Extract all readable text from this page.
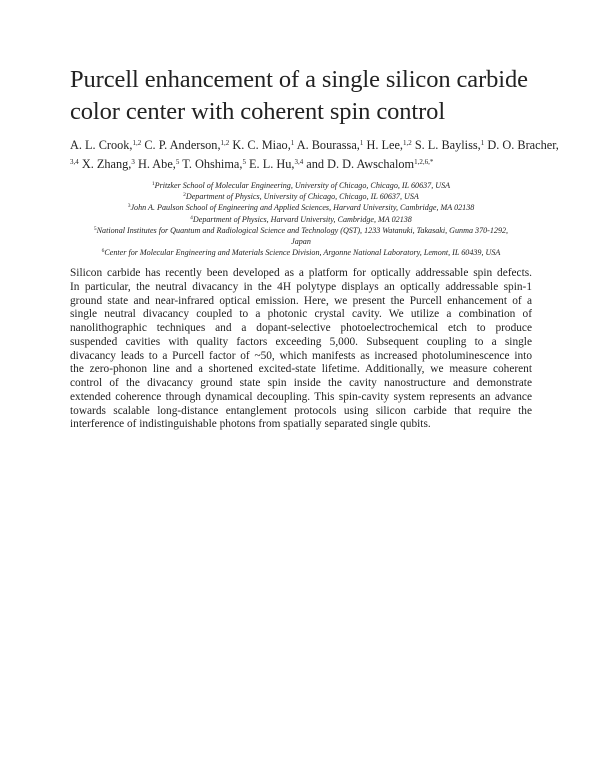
Purcell enhancement of a single silicon carbide
color center with coherent spin control
A. L. Crook,$^{1,2}$ C. P. Anderson,$^{1,2}$ K. C. Miao,$^1$ A. Bourassa,$^1$ H. Lee,$^{1,2}$ S. L. Bayliss,$^1$ D. O. Bracher,
$^{3,4}$ X. Zhang,$^3$ H. Abe,$^5$ T. Ohshima,$^5$ E. L. Hu,$^{3,4}$ and D. D. Awschalom$^{1,2,6,*}$
$^1$Pritzker School of Molecular Engineering, University of Chicago, Chicago, IL 60637, USA
$^2$Department of Physics, University of Chicago, Chicago, IL 60637, USA
$^3$John A. Paulson School of Engineering and Applied Sciences, Harvard University, Cambridge, MA 02138
$^4$Department of Physics, Harvard University, Cambridge, MA 02138
$^5$National Institutes for Quantum and Radiological Science and Technology (QST), 1233 Watanuki, Takasaki, Gunma 370-1292,
Japan
$^6$Center for Molecular Engineering and Materials Science Division, Argonne National Laboratory, Lemont, IL 60439, USA
Silicon carbide has recently been developed as a platform for optically addressable spin defects.
In particular, the neutral divacancy in the 4H polytype displays an optically addressable spin-1
ground state and near-infrared optical emission. Here, we present the Purcell enhancement of a
single neutral divacancy coupled to a photonic crystal cavity. We utilize a combination of
nanolithographic techniques and a dopant-selective photoelectrochemical etch to produce
suspended cavities with quality factors exceeding 5,000. Subsequent coupling to a single
divacancy leads to a Purcell factor of ~50, which manifests as increased photoluminescence into
the zero-phonon line and a shortened excited-state lifetime. Additionally, we measure coherent
control of the divacancy ground state spin inside the cavity nanostructure and demonstrate
extended coherence through dynamical decoupling. This spin-cavity system represents an advance
towards scalable long-distance entanglement protocols using silicon carbide that require the
interference of indistinguishable photons from spatially separated single qubits.
